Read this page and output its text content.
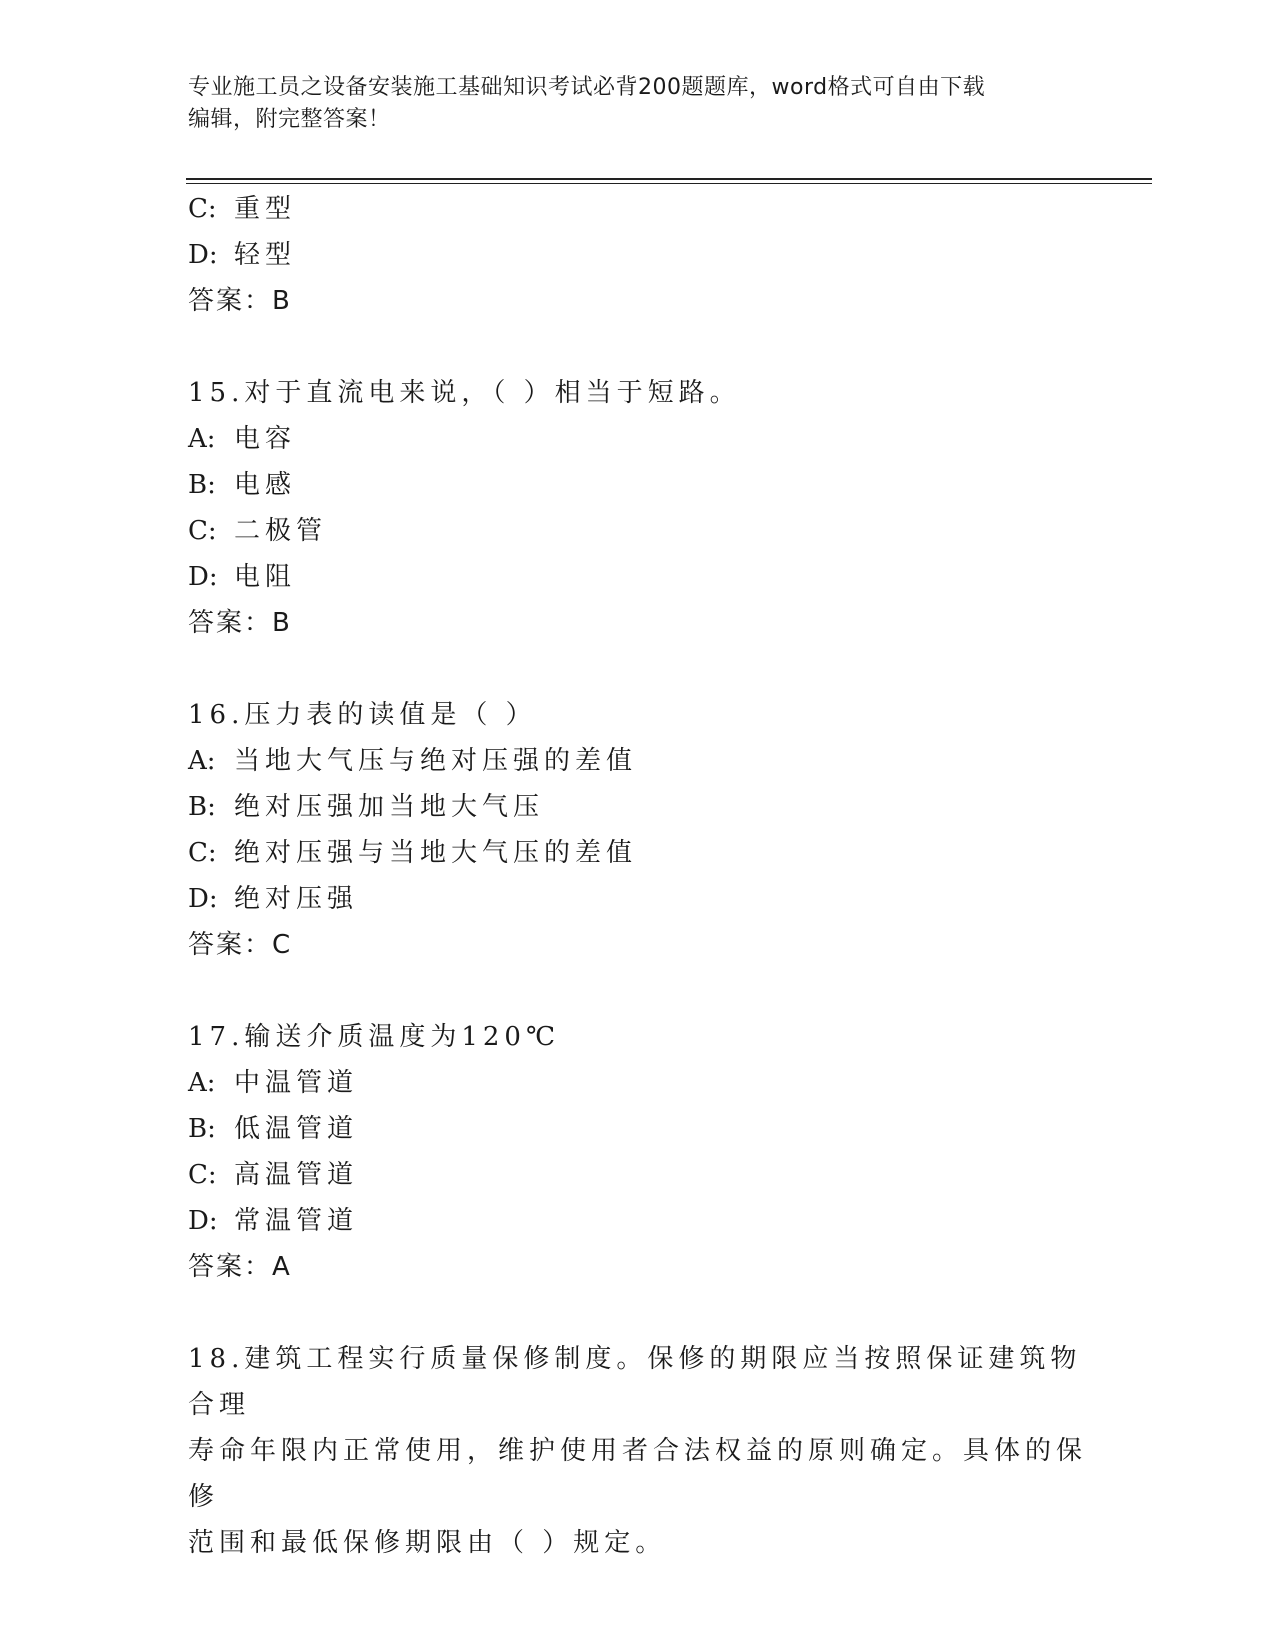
专业施工员之设备安装施工基础知识考试必背200题题库，word格式可自由下载
编辑，附完整答案！
C: 重型
D: 轻型
答案：B
15.对于直流电来说，（ ）相当于短路。
A: 电容
B: 电感
C: 二极管
D: 电阻
答案：B
16.压力表的读值是（ ）
A: 当地大气压与绝对压强的差值
B: 绝对压强加当地大气压
C: 绝对压强与当地大气压的差值
D: 绝对压强
答案：C
17.输送介质温度为120℃
A: 中温管道
B: 低温管道
C: 高温管道
D: 常温管道
答案：A
18.建筑工程实行质量保修制度。保修的期限应当按照保证建筑物合理
寿命年限内正常使用，维护使用者合法权益的原则确定。具体的保修
范围和最低保修期限由（ ）规定。
